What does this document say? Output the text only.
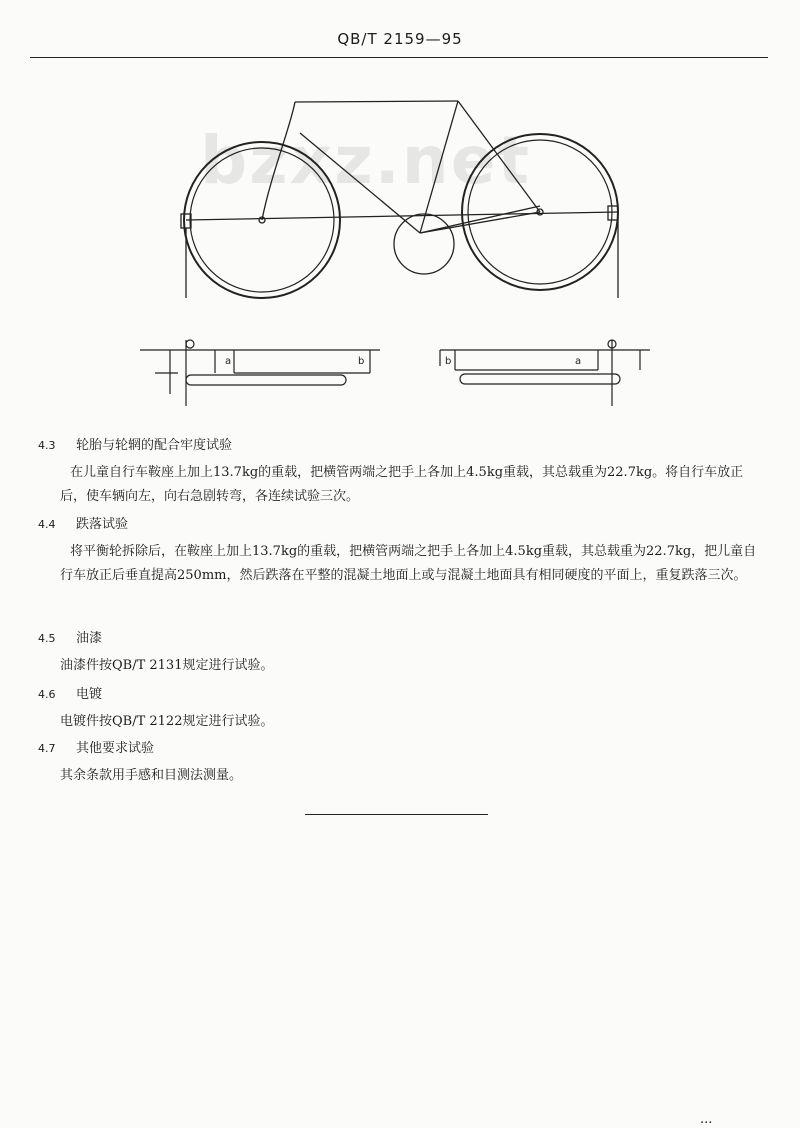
QB/T 2159—95
bzxz.net
a	b	b	a
4.3 轮胎与轮辋的配合牢度试验
在儿童自行车鞍座上加上13.7kg的重载，把横管两端之把手上各加上4.5kg重载，其总载重为22.7kg。将自行车放正后，使车辆向左，向右急剧转弯，各连续试验三次。
4.4 跌落试验
将平衡轮拆除后，在鞍座上加上13.7kg的重载，把横管两端之把手上各加上4.5kg重载，其总载重为22.7kg，把儿童自行车放正后垂直提高250mm，然后跌落在平整的混凝土地面上或与混凝土地面具有相同硬度的平面上，重复跌落三次。
4.5 油漆
油漆件按QB/T 2131规定进行试验。
4.6 电镀
电镀件按QB/T 2122规定进行试验。
4.7 其他要求试验
其余条款用手感和目测法测量。
...
